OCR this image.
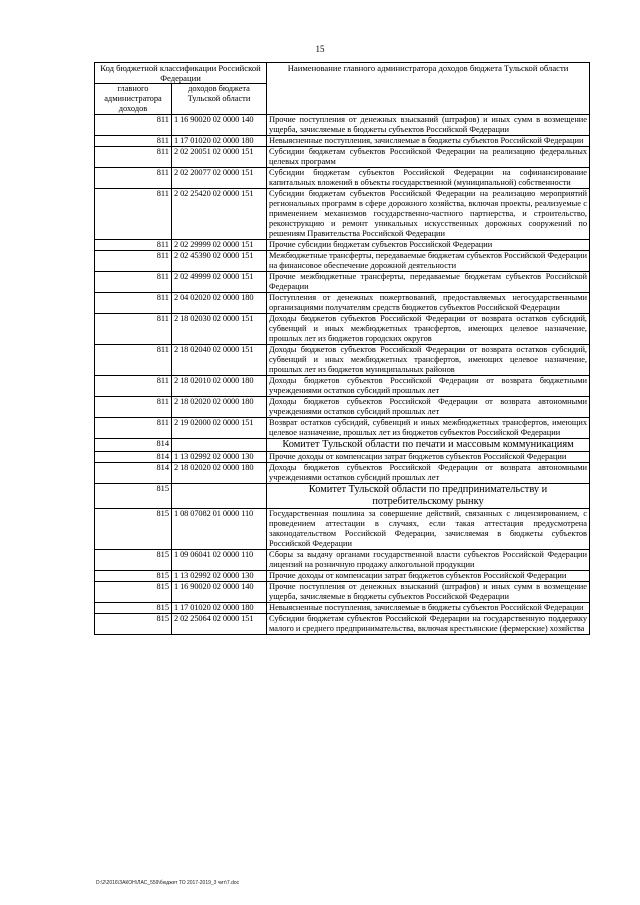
15
Код бюджетной классификации Российской Федерации		Наименование главного администратора доходов бюджета Тульской области
главного администратора доходов	доходов бюджета Тульской области	
811	1 16 90020 02 0000 140	Прочие поступления от денежных взысканий (штрафов) и иных сумм в возмещение ущерба, зачисляемые в бюджеты субъектов Российской Федерации
811	1 17 01020 02 0000 180	Невыясненные поступления, зачисляемые в бюджеты субъектов Российской Федерации
811	2 02 20051 02 0000 151	Субсидии бюджетам субъектов Российской Федерации на реализацию федеральных целевых программ
811	2 02 20077 02 0000 151	Субсидии бюджетам субъектов Российской Федерации на софинансирование капитальных вложений в объекты государственной (муниципальной) собственности
811	2 02 25420 02 0000 151	Субсидии бюджетам субъектов Российской Федерации на реализацию мероприятий региональных программ в сфере дорожного хозяйства, включая проекты, реализуемые с применением механизмов государственно-частного партнерства, и строительство, реконструкцию и ремонт уникальных искусственных дорожных сооружений по решениям Правительства Российской Федерации
811	2 02 29999 02 0000 151	Прочие субсидии бюджетам субъектов Российской Федерации
811	2 02 45390 02 0000 151	Межбюджетные трансферты, передаваемые бюджетам субъектов Российской Федерации на финансовое обеспечение дорожной деятельности
811	2 02 49999 02 0000 151	Прочие межбюджетные трансферты, передаваемые бюджетам субъектов Российской Федерации
811	2 04 02020 02 0000 180	Поступления от денежных пожертвований, предоставляемых негосударственными организациями получателям средств бюджетов субъектов Российской Федерации
811	2 18 02030 02 0000 151	Доходы бюджетов субъектов Российской Федерации от возврата остатков субсидий, субвенций и иных межбюджетных трансфертов, имеющих целевое назначение, прошлых лет из бюджетов городских округов
811	2 18 02040 02 0000 151	Доходы бюджетов субъектов Российской Федерации от возврата остатков субсидий, субвенций и иных межбюджетных трансфертов, имеющих целевое назначение, прошлых лет из бюджетов муниципальных районов
811	2 18 02010 02 0000 180	Доходы бюджетов субъектов Российской Федерации от возврата бюджетными учреждениями остатков субсидий прошлых лет
811	2 18 02020 02 0000 180	Доходы бюджетов субъектов Российской Федерации от возврата автономными учреждениями остатков субсидий прошлых лет
811	2 19 02000 02 0000 151	Возврат остатков субсидий, субвенций и иных межбюджетных трансфертов, имеющих целевое назначение, прошлых лет из бюджетов субъектов Российской Федерации
814		Комитет Тульской области по печати и массовым коммуникациям
814	1 13 02992 02 0000 130	Прочие доходы от компенсации затрат бюджетов субъектов Российской Федерации
814	2 18 02020 02 0000 180	Доходы бюджетов субъектов Российской Федерации от возврата автономными учреждениями остатков субсидий прошлых лет
815		Комитет Тульской области по предпринимательству и потребительскому рынку
815	1 08 07082 01 0000 110	Государственная пошлина за совершение действий, связанных с лицензированием, с проведением аттестации в случаях, если такая аттестация предусмотрена законодательством Российской Федерации, зачисляемая в бюджеты субъектов Российской Федерации
815	1 09 06041 02 0000 110	Сборы за выдачу органами государственной власти субъектов Российской Федерации лицензий на розничную продажу алкогольной продукции
815	1 13 02992 02 0000 130	Прочие доходы от компенсации затрат бюджетов субъектов Российской Федерации
815	1 16 90020 02 0000 140	Прочие поступления от денежных взысканий (штрафов) и иных сумм в возмещение ущерба, зачисляемые в бюджеты субъектов Российской Федерации
815	1 17 01020 02 0000 180	Невыясненные поступления, зачисляемые в бюджеты субъектов Российской Федерации
815	2 02 25064 02 0000 151	Субсидии бюджетам субъектов Российской Федерации на государственную поддержку малого и среднего предпринимательства, включая крестьянские (фермерские) хозяйства
D:\2\2016\ЗАКОН\ЛАС_559\бюджет ТО 2017-2019_3 чит\7.doc
